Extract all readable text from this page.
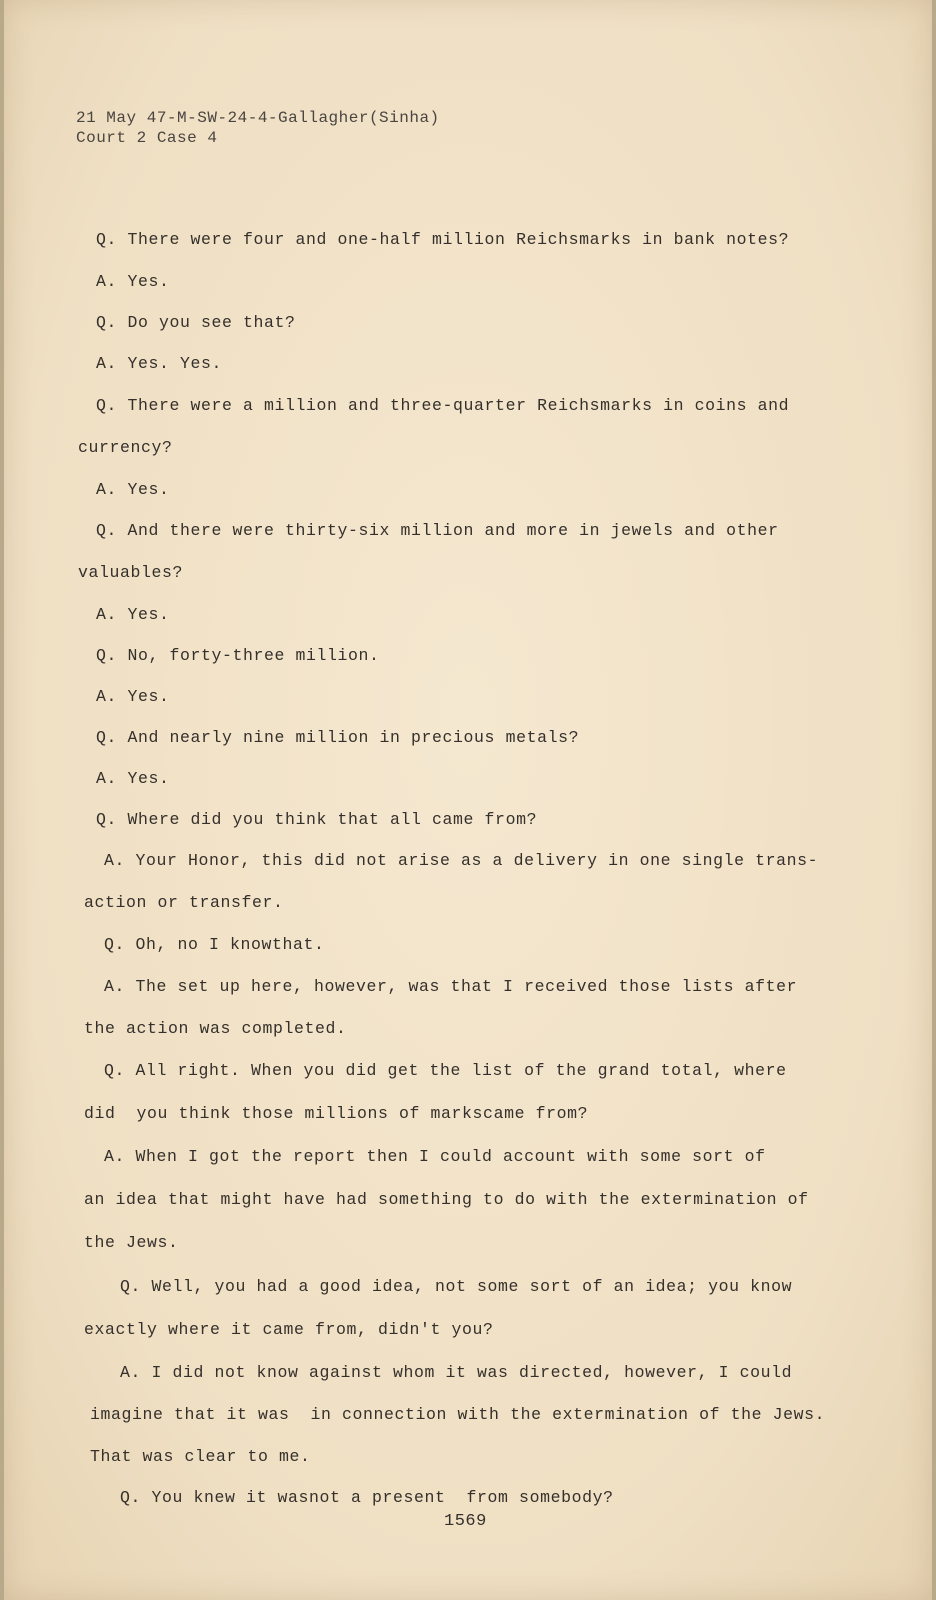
21 May 47-M-SW-24-4-Gallagher(Sinha)
Court 2 Case 4
Q. There were four and one-half million Reichsmarks in bank notes?
A. Yes.
Q. Do you see that?
A. Yes. Yes.
Q. There were a million and three-quarter Reichsmarks in coins and
currency?
A. Yes.
Q. And there were thirty-six million and more in jewels and other
valuables?
A. Yes.
Q. No, forty-three million.
A. Yes.
Q. And nearly nine million in precious metals?
A. Yes.
Q. Where did you think that all came from?
A. Your Honor, this did not arise as a delivery in one single trans-
action or transfer.
Q. Oh, no I knowthat.
A. The set up here, however, was that I received those lists after
the action was completed.
Q. All right. When you did get the list of the grand total, where
did  you think those millions of markscame from?
A. When I got the report then I could account with some sort of
an idea that might have had something to do with the extermination of
the Jews.
Q. Well, you had a good idea, not some sort of an idea; you know
exactly where it came from, didn't you?
A. I did not know against whom it was directed, however, I could
imagine that it was  in connection with the extermination of the Jews.
That was clear to me.
Q. You knew it wasnot a present  from somebody?
1569
